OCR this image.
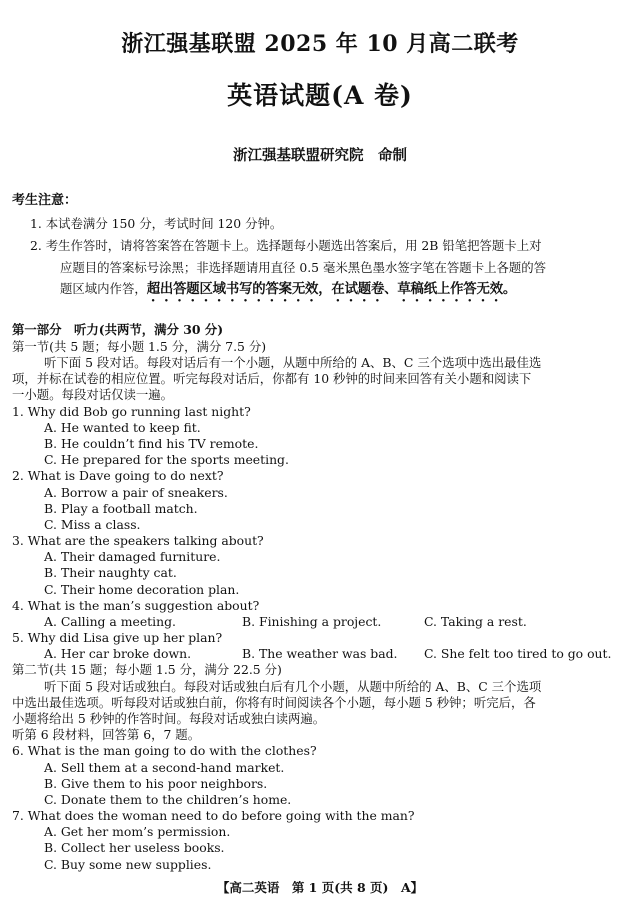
浙江强基联盟 2025 年 10 月高二联考
英语试题(A 卷)
浙江强基联盟研究院　命制
考生注意：
1. 本试卷满分 150 分，考试时间 120 分钟。
2. 考生作答时，请将答案答在答题卡上。选择题每小题选出答案后，用 2B 铅笔把答题卡上对
应题目的答案标号涂黑；非选择题请用直径 0.5 毫米黑色墨水签字笔在答题卡上各题的答
题区域内作答，超出答题区域书写的答案无效，在试题卷、草稿纸上作答无效。
第一部分　听力(共两节，满分 30 分)
第一节(共 5 题；每小题 1.5 分，满分 7.5 分)
听下面 5 段对话。每段对话后有一个小题，从题中所给的 A、B、C 三个选项中选出最佳选
项，并标在试卷的相应位置。听完每段对话后，你都有 10 秒钟的时间来回答有关小题和阅读下
一小题。每段对话仅读一遍。
1. Why did Bob go running last night?
A. He wanted to keep fit.
B. He couldn’t find his TV remote.
C. He prepared for the sports meeting.
2. What is Dave going to do next?
A. Borrow a pair of sneakers.
B. Play a football match.
C. Miss a class.
3. What are the speakers talking about?
A. Their damaged furniture.
B. Their naughty cat.
C. Their home decoration plan.
4. What is the man’s suggestion about?
A. Calling a meeting.	B. Finishing a project.	C. Taking a rest.
5. Why did Lisa give up her plan?
A. Her car broke down.	B. The weather was bad. C. She felt too tired to go out.
第二节(共 15 题；每小题 1.5 分，满分 22.5 分)
听下面 5 段对话或独白。每段对话或独白后有几个小题，从题中所给的 A、B、C 三个选项
中选出最佳选项。听每段对话或独白前，你将有时间阅读各个小题，每小题 5 秒钟；听完后，各
小题将给出 5 秒钟的作答时间。每段对话或独白读两遍。
听第 6 段材料，回答第 6，7 题。
6. What is the man going to do with the clothes?
A. Sell them at a second-hand market.
B. Give them to his poor neighbors.
C. Donate them to the children’s home.
7. What does the woman need to do before going with the man?
A. Get her mom’s permission.
B. Collect her useless books.
C. Buy some new supplies.
【高二英语　第 1 页(共 8 页)　A】
